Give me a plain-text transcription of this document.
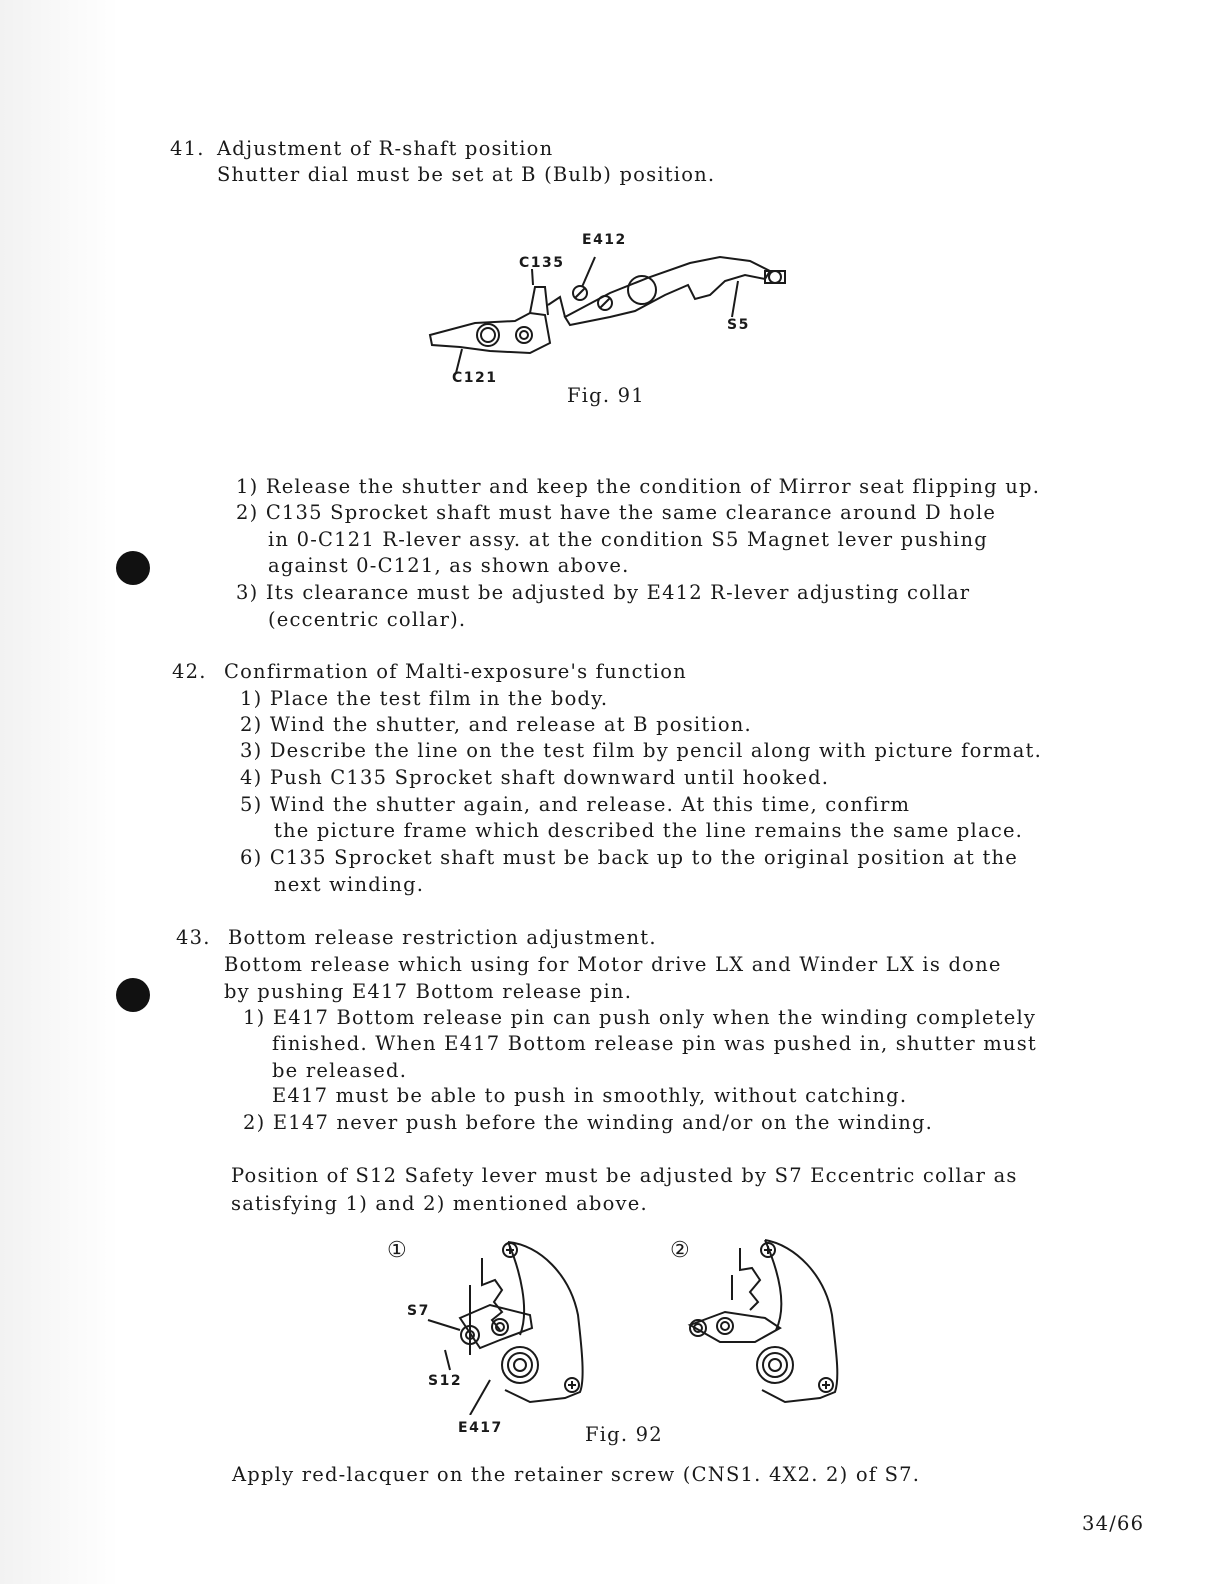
41. Adjustment of R-shaft position
Shutter dial must be set at B (Bulb) position.
E412
C135
S5
C121
Fig. 91
1) Release the shutter and keep the condition of Mirror seat flipping up.
2) C135 Sprocket shaft must have the same clearance around D hole
in 0-C121 R-lever assy. at the condition S5 Magnet lever pushing
against 0-C121, as shown above.
3) Its clearance must be adjusted by E412 R-lever adjusting collar
(eccentric collar).
42. Confirmation of Malti-exposure's function
1) Place the test film in the body.
2) Wind the shutter, and release at B position.
3) Describe the line on the test film by pencil along with picture format.
4) Push C135 Sprocket shaft downward until hooked.
5) Wind the shutter again, and release. At this time, confirm
the picture frame which described the line remains the same place.
6) C135 Sprocket shaft must be back up to the original position at the
next winding.
43. Bottom release restriction adjustment.
Bottom release which using for Motor drive LX and Winder LX is done
by pushing E417 Bottom release pin.
1) E417 Bottom release pin can push only when the winding completely
finished. When E417 Bottom release pin was pushed in, shutter must
be released.
E417 must be able to push in smoothly, without catching.
2) E147 never push before the winding and/or on the winding.
Position of S12 Safety lever must be adjusted by S7 Eccentric collar as
satisfying 1) and 2) mentioned above.
①	②
S7
S12
E417	Fig. 92
Apply red-lacquer on the retainer screw (CNS1. 4X2. 2) of S7.
34/66
